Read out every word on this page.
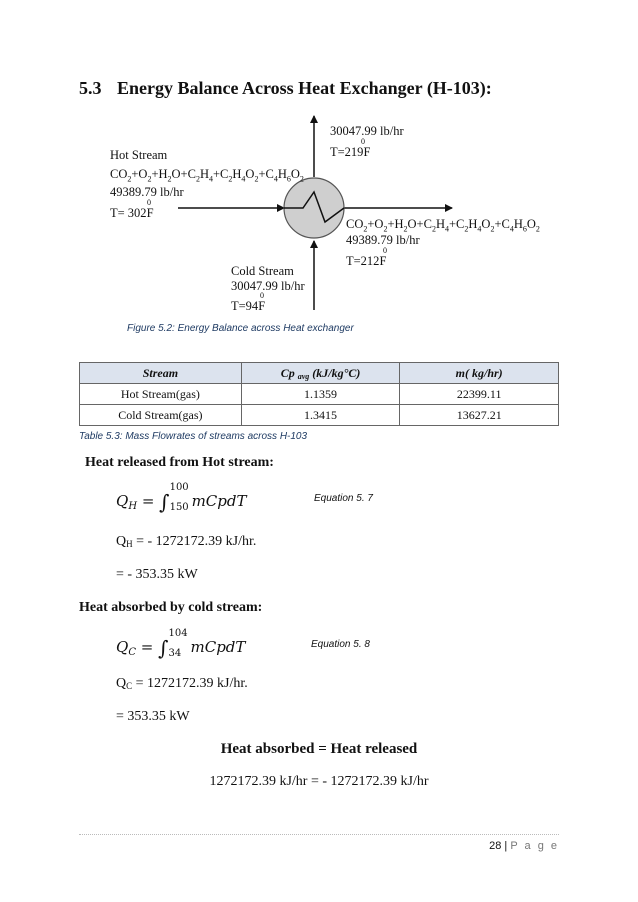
5.3 Energy Balance Across Heat Exchanger (H-103):
30047.99 lb/hr
T=219
0
F
Hot Stream
$CO_2+O_2+H_2O+C_2H_4+C_2H_4O_2+C_4H_6O_2$
49389.79 lb/hr
T= 302
0
F
$CO_2+O_2+H_2O+C_2H_4+C_2H_4O_2+C_4H_6O_2$
49389.79 lb/hr
T=212
0
F
Cold Stream
30047.99 lb/hr
T=94
0
F
Figure 5.2: Energy Balance across Heat exchanger
Stream	Cp avg (kJ/kg°C)	m( kg/hr)
Hot Stream(gas)	1.1359	22399.11
Cold Stream(gas)	1.3415	13627.21
Table 5.3: Mass Flowrates of streams across H-103
Heat released from Hot stream:
$Q_H$ = ∫
100
150 mCpdT	Equation 5. 7
QH = - 1272172.39 kJ/hr.
= - 353.35 kW
Heat absorbed by cold stream:
$Q_C$ = ∫
104
34 mCpdT	Equation 5. 8
QC = 1272172.39 kJ/hr.
= 353.35 kW
Heat absorbed = Heat released
1272172.39 kJ/hr = - 1272172.39 kJ/hr
28 | P a g e
